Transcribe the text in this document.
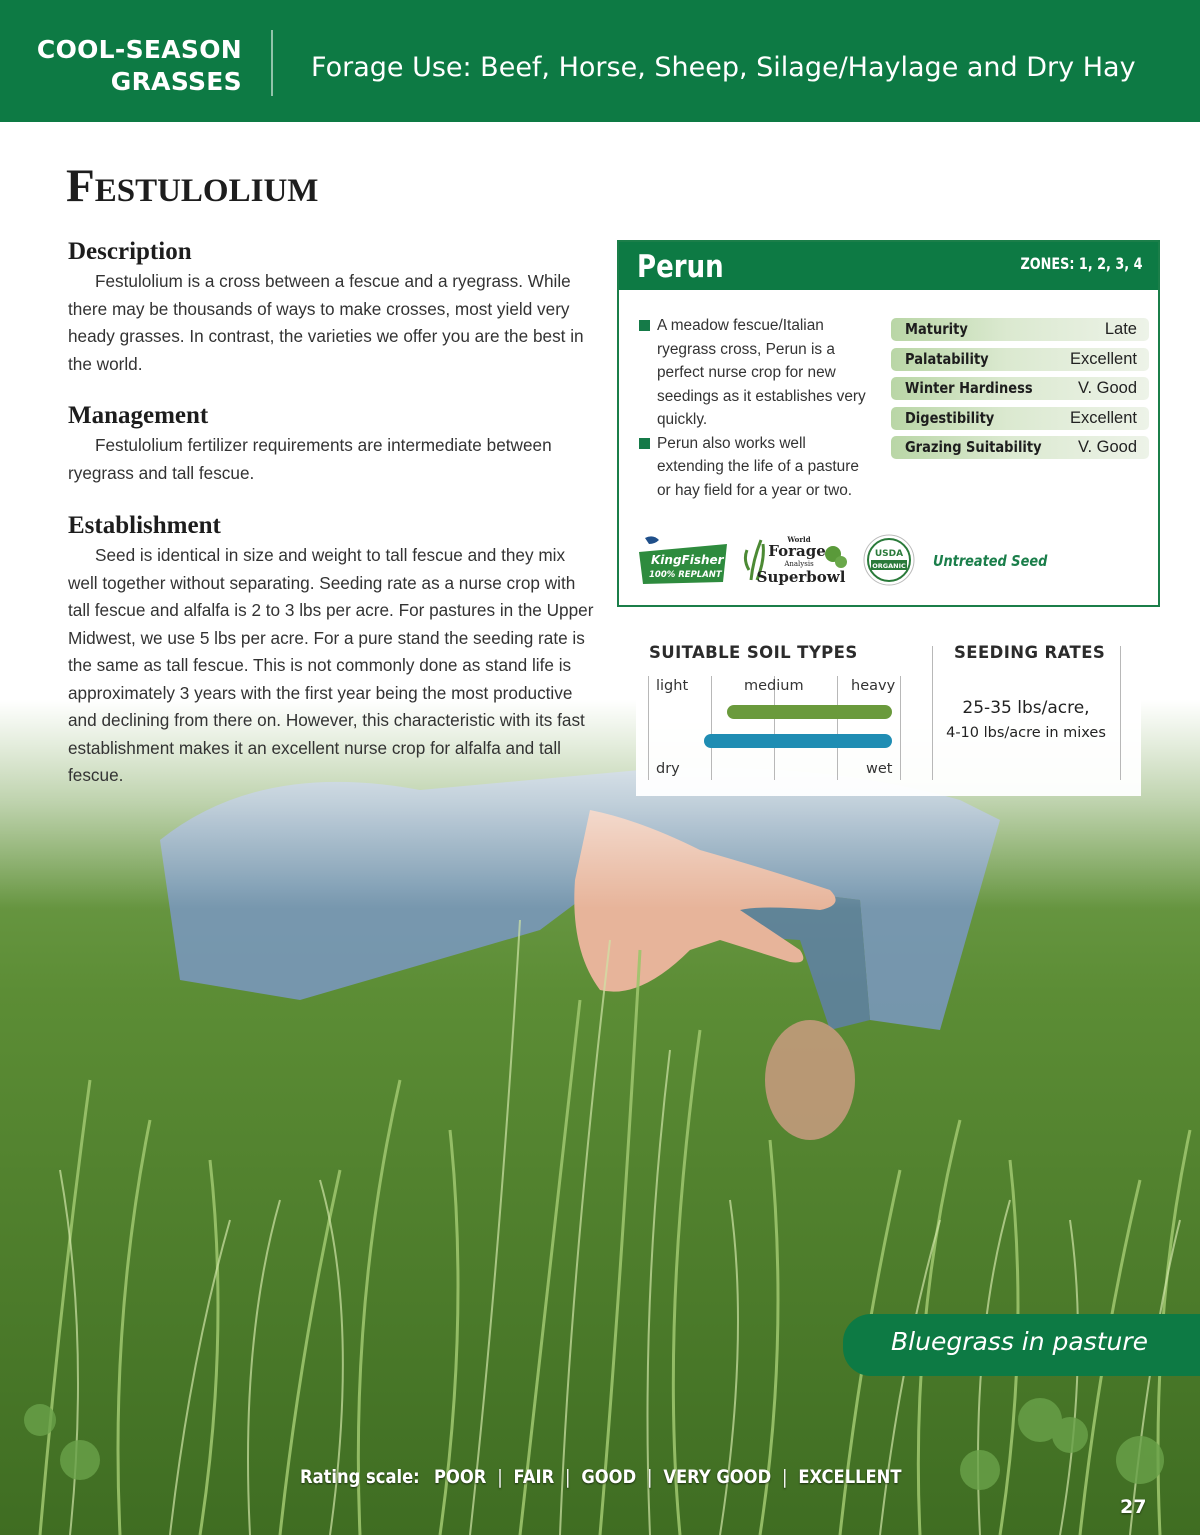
COOL-SEASON
GRASSES	Forage Use: Beef, Horse, Sheep, Silage/Haylage and Dry Hay
Festulolium
Description

Festulolium is a cross between a fescue and a ryegrass. While there may be thousands of ways to make crosses, most yield very heady grasses. In contrast, the varieties we offer you are the best in the world.

Management

Festulolium fertilizer requirements are intermediate between ryegrass and tall fescue.

Establishment

Seed is identical in size and weight to tall fescue and they mix well together without separating. Seeding rate as a nurse crop with tall fescue and alfalfa is 2 to 3 lbs per acre. For pastures in the Upper Midwest, we use 5 lbs per acre. For a pure stand the seeding rate is the same as tall fescue. This is not commonly done as stand life is approximately 3 years with the first year being the most productive and declining from there on. However, this characteristic with its fast establishment makes it an excellent nurse crop for alfalfa and tall fescue.

Perun	ZONES: 1, 2, 3, 4
A meadow fescue/Italian ryegrass cross, Perun is a perfect nurse crop for new seedings as it establishes very quickly.
Perun also works well extending the life of a pasture or hay field for a year or two.
Maturity	Late
Palatability	Excellent
Winter Hardiness	V. Good
Digestibility	Excellent
Grazing Suitability V. Good
KingFisher
100% REPLANT
World
Forage
Analysis
Superbowl
USDA
ORGANIC Untreated Seed
SUITABLE SOIL TYPES	SEEDING RATES
light	medium	heavy
dry	wet
25-35 lbs/acre,
4-10 lbs/acre in mixes
Bluegrass in pasture
Rating scale: POOR | FAIR | GOOD | VERY GOOD | EXCELLENT
27
